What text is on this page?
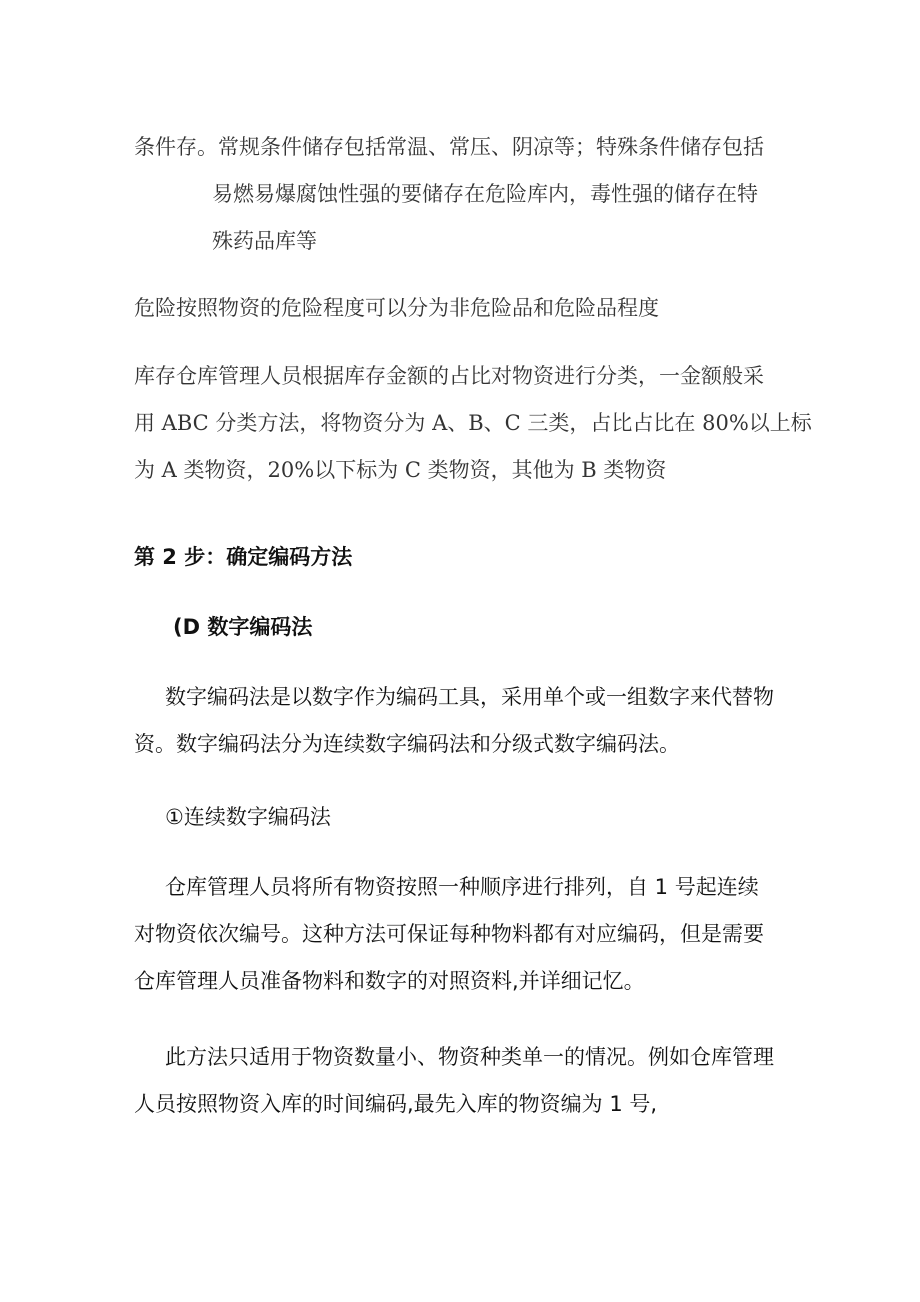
条件存。常规条件储存包括常温、常压、阴凉等；特殊条件储存包括
易燃易爆腐蚀性强的要储存在危险库内，毒性强的储存在特
殊药品库等
危险按照物资的危险程度可以分为非危险品和危险品程度
库存仓库管理人员根据库存金额的占比对物资进行分类，一金额般采
用 ABC 分类方法，将物资分为 A、B、C 三类，占比占比在 80%以上标
为 A 类物资，20%以下标为 C 类物资，其他为 B 类物资
第 2 步：确定编码方法
(D 数字编码法
数字编码法是以数字作为编码工具，采用单个或一组数字来代替物
资。数字编码法分为连续数字编码法和分级式数字编码法。
①连续数字编码法
仓库管理人员将所有物资按照一种顺序进行排列，自 1 号起连续
对物资依次编号。这种方法可保证每种物料都有对应编码，但是需要
仓库管理人员准备物料和数字的对照资料,并详细记忆。
此方法只适用于物资数量小、物资种类单一的情况。例如仓库管理
人员按照物资入库的时间编码,最先入库的物资编为 1 号,
